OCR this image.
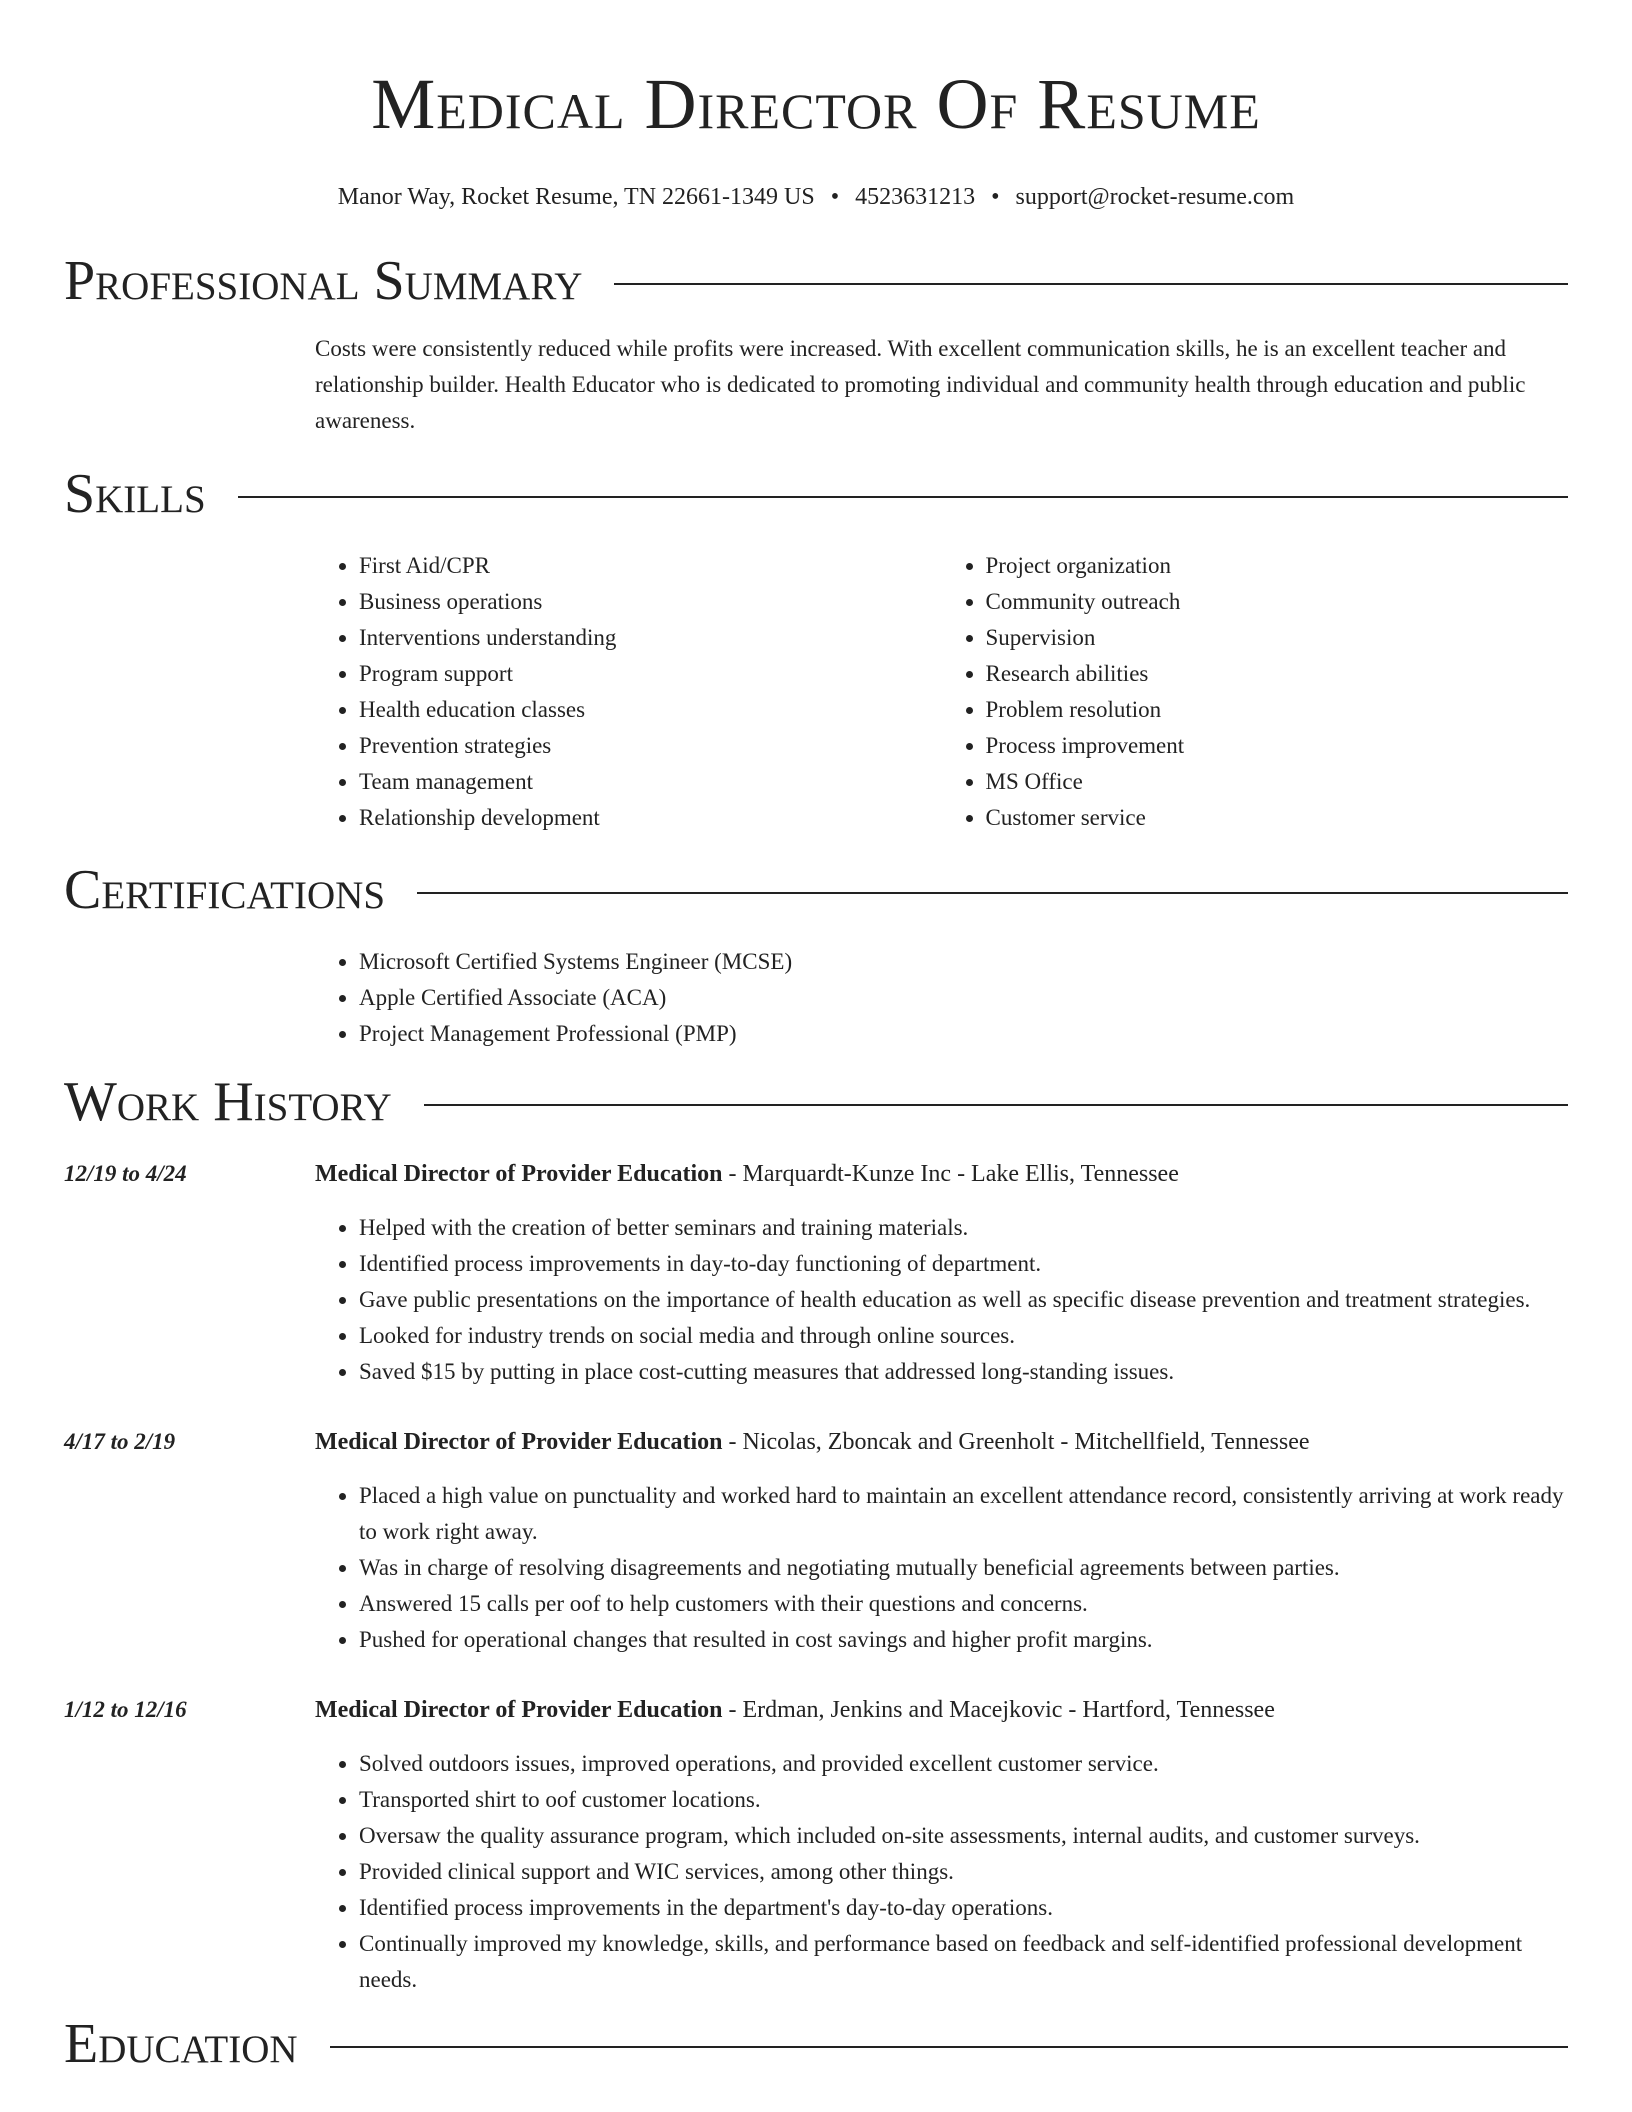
Medical Director Of Resume
Manor Way, Rocket Resume, TN 22661-1349 US • 4523631213 • support@rocket-resume.com
Professional Summary

Costs were consistently reduced while profits were increased. With excellent communication skills, he is an excellent teacher and relationship builder. Health Educator who is dedicated to promoting individual and community health through education and public awareness.

Skills
• First Aid/CPR
• Business operations
• Interventions understanding
• Program support
• Health education classes
• Prevention strategies
• Team management
• Relationship development
• Project organization
• Community outreach
• Supervision
• Research abilities
• Problem resolution
• Process improvement
• MS Office
• Customer service
Certifications
• Microsoft Certified Systems Engineer (MCSE)
• Apple Certified Associate (ACA)
• Project Management Professional (PMP)
Work History
12/19 to 4/24	Medical Director of Provider Education - Marquardt-Kunze Inc - Lake Ellis, Tennessee
• Helped with the creation of better seminars and training materials.
• Identified process improvements in day-to-day functioning of department.
• Gave public presentations on the importance of health education as well as specific disease prevention and treatment strategies.
• Looked for industry trends on social media and through online sources.
• Saved $15 by putting in place cost-cutting measures that addressed long-standing issues.
4/17 to 2/19	Medical Director of Provider Education - Nicolas, Zboncak and Greenholt - Mitchellfield, Tennessee
• Placed a high value on punctuality and worked hard to maintain an excellent attendance record, consistently arriving at work ready to work right away.
• Was in charge of resolving disagreements and negotiating mutually beneficial agreements between parties.
• Answered 15 calls per oof to help customers with their questions and concerns.
• Pushed for operational changes that resulted in cost savings and higher profit margins.
1/12 to 12/16	Medical Director of Provider Education - Erdman, Jenkins and Macejkovic - Hartford, Tennessee
• Solved outdoors issues, improved operations, and provided excellent customer service.
• Transported shirt to oof customer locations.
• Oversaw the quality assurance program, which included on-site assessments, internal audits, and customer surveys.
• Provided clinical support and WIC services, among other things.
• Identified process improvements in the department's day-to-day operations.
• Continually improved my knowledge, skills, and performance based on feedback and self-identified professional development needs.
Education
